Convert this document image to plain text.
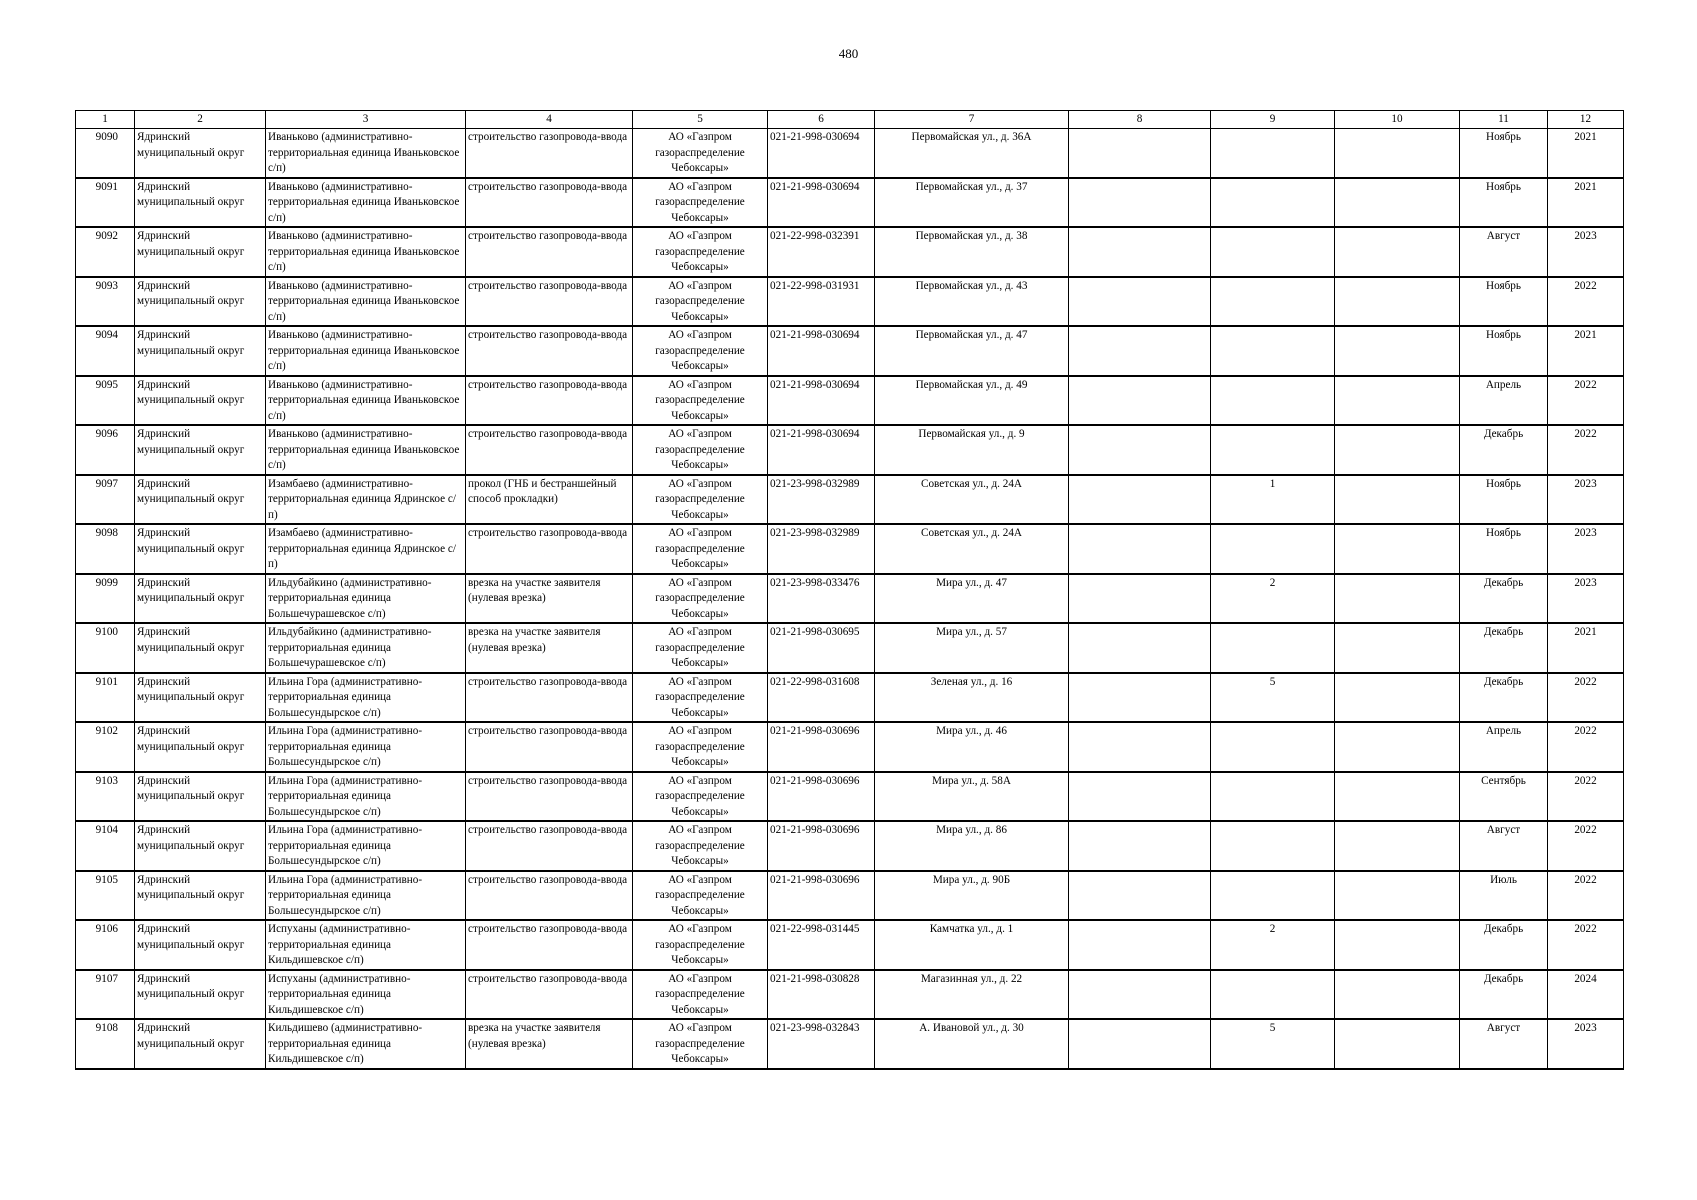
480
1	2	3	4	5	6	7	8	9	10	11	12
9090	Ядринский муниципальный округ	Иваньково (административно-территориальная единица Иваньковское с/п)	строительство газопровода-ввода	АО «Газпром газораспределение Чебоксары»	021-21-998-030694	Первомайская ул., д. 36А				Ноябрь	2021
9091	Ядринский муниципальный округ	Иваньково (административно-территориальная единица Иваньковское с/п)	строительство газопровода-ввода	АО «Газпром газораспределение Чебоксары»	021-21-998-030694	Первомайская ул., д. 37				Ноябрь	2021
9092	Ядринский муниципальный округ	Иваньково (административно-территориальная единица Иваньковское с/п)	строительство газопровода-ввода	АО «Газпром газораспределение Чебоксары»	021-22-998-032391	Первомайская ул., д. 38				Август	2023
9093	Ядринский муниципальный округ	Иваньково (административно-территориальная единица Иваньковское с/п)	строительство газопровода-ввода	АО «Газпром газораспределение Чебоксары»	021-22-998-031931	Первомайская ул., д. 43				Ноябрь	2022
9094	Ядринский муниципальный округ	Иваньково (административно-территориальная единица Иваньковское с/п)	строительство газопровода-ввода	АО «Газпром газораспределение Чебоксары»	021-21-998-030694	Первомайская ул., д. 47				Ноябрь	2021
9095	Ядринский муниципальный округ	Иваньково (административно-территориальная единица Иваньковское с/п)	строительство газопровода-ввода	АО «Газпром газораспределение Чебоксары»	021-21-998-030694	Первомайская ул., д. 49				Апрель	2022
9096	Ядринский муниципальный округ	Иваньково (административно-территориальная единица Иваньковское с/п)	строительство газопровода-ввода	АО «Газпром газораспределение Чебоксары»	021-21-998-030694	Первомайская ул., д. 9				Декабрь	2022
9097	Ядринский муниципальный округ	Изамбаево (административно-территориальная единица Ядринское с/п)	прокол (ГНБ и бестраншейный способ прокладки)	АО «Газпром газораспределение Чебоксары»	021-23-998-032989	Советская ул., д. 24А		1		Ноябрь	2023
9098	Ядринский муниципальный округ	Изамбаево (административно-территориальная единица Ядринское с/п)	строительство газопровода-ввода	АО «Газпром газораспределение Чебоксары»	021-23-998-032989	Советская ул., д. 24А				Ноябрь	2023
9099	Ядринский муниципальный округ	Ильдубайкино (административно-территориальная единица Большечурашевское с/п)	врезка на участке заявителя (нулевая врезка)	АО «Газпром газораспределение Чебоксары»	021-23-998-033476	Мира ул., д. 47		2		Декабрь	2023
9100	Ядринский муниципальный округ	Ильдубайкино (административно-территориальная единица Большечурашевское с/п)	врезка на участке заявителя (нулевая врезка)	АО «Газпром газораспределение Чебоксары»	021-21-998-030695	Мира ул., д. 57				Декабрь	2021
9101	Ядринский муниципальный округ	Ильина Гора (административно-территориальная единица Большесундырское с/п)	строительство газопровода-ввода	АО «Газпром газораспределение Чебоксары»	021-22-998-031608	Зеленая ул., д. 16		5		Декабрь	2022
9102	Ядринский муниципальный округ	Ильина Гора (административно-территориальная единица Большесундырское с/п)	строительство газопровода-ввода	АО «Газпром газораспределение Чебоксары»	021-21-998-030696	Мира ул., д. 46				Апрель	2022
9103	Ядринский муниципальный округ	Ильина Гора (административно-территориальная единица Большесундырское с/п)	строительство газопровода-ввода	АО «Газпром газораспределение Чебоксары»	021-21-998-030696	Мира ул., д. 58А				Сентябрь	2022
9104	Ядринский муниципальный округ	Ильина Гора (административно-территориальная единица Большесундырское с/п)	строительство газопровода-ввода	АО «Газпром газораспределение Чебоксары»	021-21-998-030696	Мира ул., д. 86				Август	2022
9105	Ядринский муниципальный округ	Ильина Гора (административно-территориальная единица Большесундырское с/п)	строительство газопровода-ввода	АО «Газпром газораспределение Чебоксары»	021-21-998-030696	Мира ул., д. 90Б				Июль	2022
9106	Ядринский муниципальный округ	Испуханы (административно-территориальная единица Кильдишевское с/п)	строительство газопровода-ввода	АО «Газпром газораспределение Чебоксары»	021-22-998-031445	Камчатка ул., д. 1		2		Декабрь	2022
9107	Ядринский муниципальный округ	Испуханы (административно-территориальная единица Кильдишевское с/п)	строительство газопровода-ввода	АО «Газпром газораспределение Чебоксары»	021-21-998-030828	Магазинная ул., д. 22				Декабрь	2024
9108	Ядринский муниципальный округ	Кильдишево (административно-территориальная единица Кильдишевское с/п)	врезка на участке заявителя (нулевая врезка)	АО «Газпром газораспределение Чебоксары»	021-23-998-032843	А. Ивановой ул., д. 30		5		Август	2023
